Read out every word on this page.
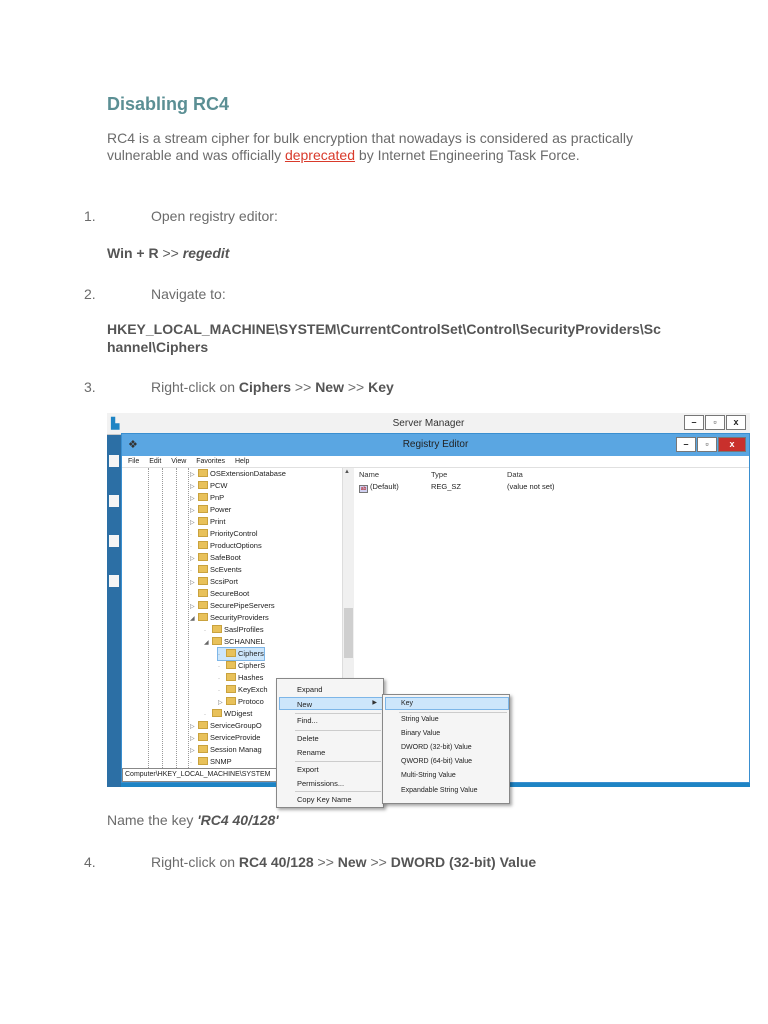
Disabling RC4
RC4 is a stream cipher for bulk encryption that nowadays is considered as practically vulnerable and was officially deprecated by Internet Engineering Task Force.
1.	Open registry editor:
Win + R >> regedit
2.	Navigate to:
HKEY_LOCAL_MACHINE\SYSTEM\CurrentControlSet\Control\SecurityProviders\Schannel\Ciphers
3.	Right-click on Ciphers >> New >> Key
▙	Server Manager	–	▫	x
❖	Registry Editor	–	▫	x
File Edit View Favorites Help
▷ OSExtensionDatabase
▷ PCW
▷ PnP
▷ Power
▷ Print
· PriorityControl
· ProductOptions
▷ SafeBoot
· ScEvents
▷ ScsiPort
· SecureBoot
▷ SecurePipeServers
◢ SecurityProviders
· SaslProfiles
◢ SCHANNEL
· Ciphers
· CipherS
· Hashes
· KeyExch
▷ Protoco
· WDigest
▷ ServiceGroupO
▷ ServiceProvide
▷ Session Manag
· SNMP
▲ Name	Type	Data
ab (Default)	REG_SZ	(value not set)
Computer\HKEY_LOCAL_MACHINE\SYSTEM
Expand
New	▶
Find...
Delete
Rename
Export
Permissions...
Copy Key Name
Key
String Value
Binary Value
DWORD (32-bit) Value
QWORD (64-bit) Value
Multi-String Value
Expandable String Value
JSScreenshot
Name the key 'RC4 40/128'
4.	Right-click on RC4 40/128 >> New >> DWORD (32-bit) Value
